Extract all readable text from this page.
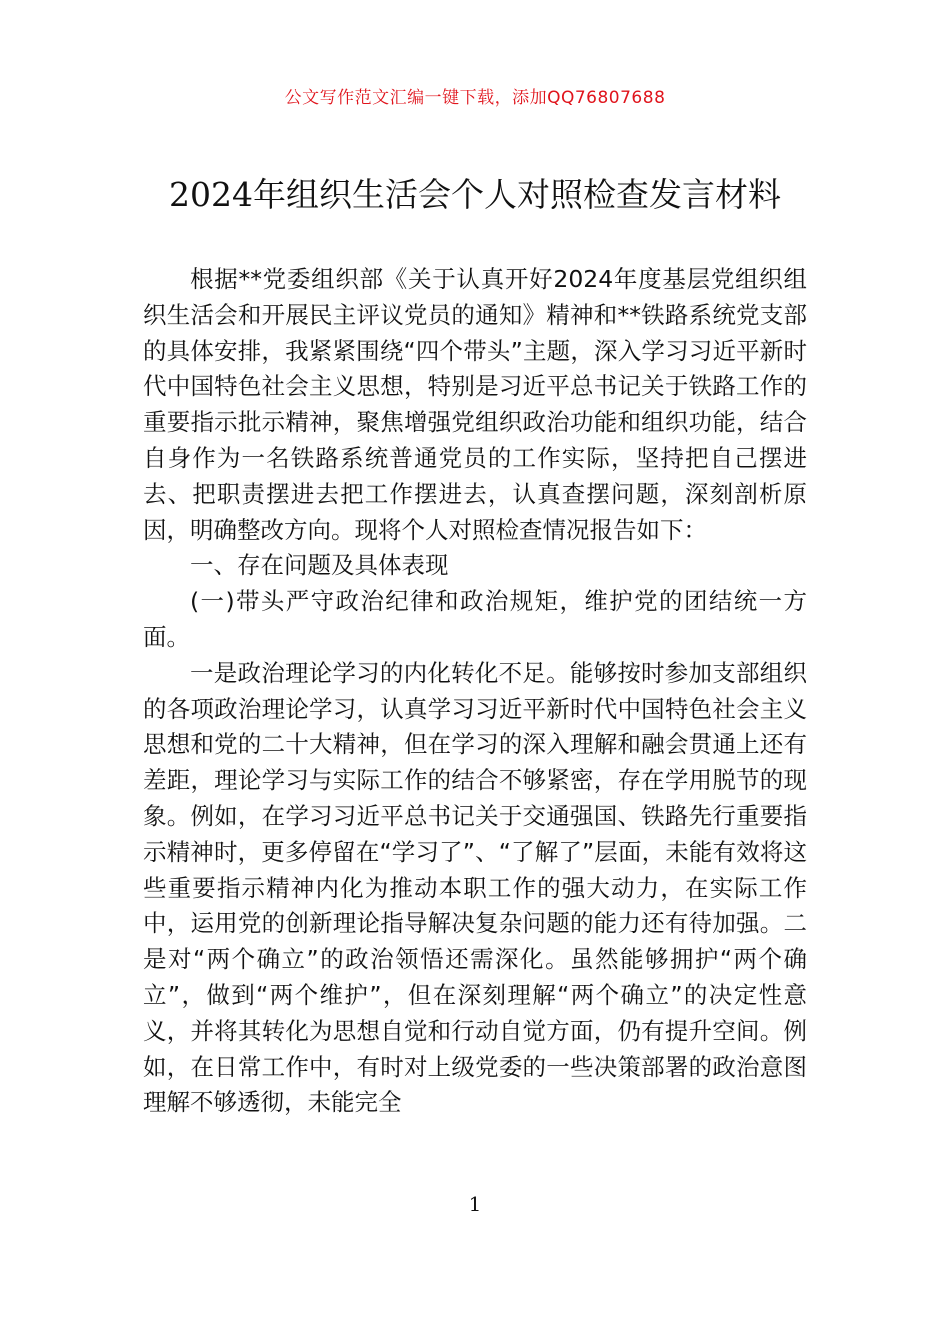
公文写作范文汇编一键下载，添加QQ76807688
2024年组织生活会个人对照检查发言材料

根据**党委组织部《关于认真开好2024年度基层党组织组织生活会和开展民主评议党员的通知》精神和**铁路系统党支部的具体安排，我紧紧围绕“四个带头”主题，深入学习习近平新时代中国特色社会主义思想，特别是习近平总书记关于铁路工作的重要指示批示精神，聚焦增强党组织政治功能和组织功能，结合自身作为一名铁路系统普通党员的工作实际，坚持把自己摆进去、把职责摆进去把工作摆进去，认真查摆问题，深刻剖析原因，明确整改方向。现将个人对照检查情况报告如下：

一、存在问题及具体表现

(一)带头严守政治纪律和政治规矩，维护党的团结统一方面。

一是政治理论学习的内化转化不足。能够按时参加支部组织的各项政治理论学习，认真学习习近平新时代中国特色社会主义思想和党的二十大精神，但在学习的深入理解和融会贯通上还有差距，理论学习与实际工作的结合不够紧密，存在学用脱节的现象。例如，在学习习近平总书记关于交通强国、铁路先行重要指示精神时，更多停留在“学习了”、“了解了”层面，未能有效将这些重要指示精神内化为推动本职工作的强大动力，在实际工作中，运用党的创新理论指导解决复杂问题的能力还有待加强。二是对“两个确立”的政治领悟还需深化。虽然能够拥护“两个确立”，做到“两个维护”，但在深刻理解“两个确立”的决定性意义，并将其转化为思想自觉和行动自觉方面，仍有提升空间。例如，在日常工作中，有时对上级党委的一些决策部署的政治意图理解不够透彻，未能完全

1
